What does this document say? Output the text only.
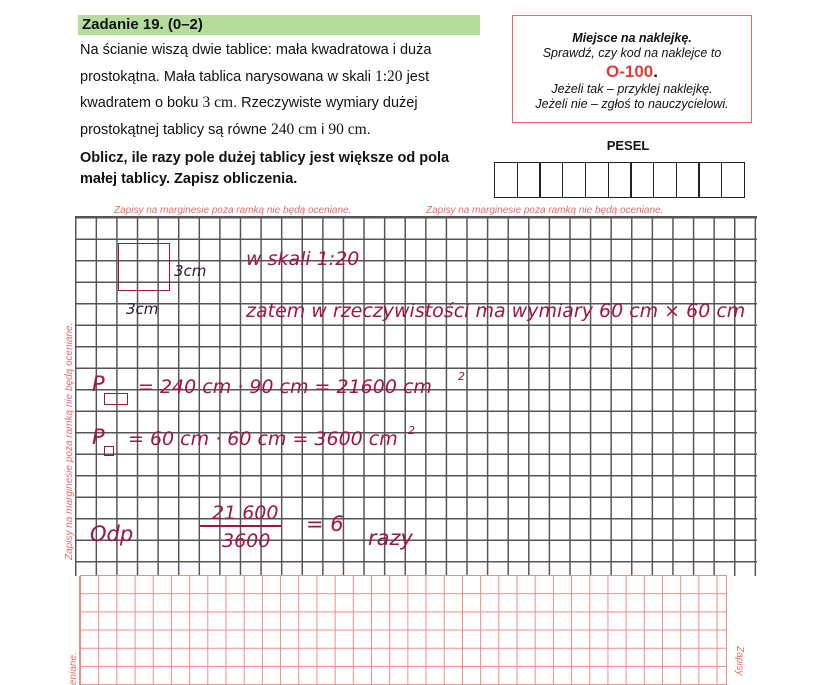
Zadanie 19. (0–2)

Na ścianie wiszą dwie tablice: mała kwadratowa i duża

prostokątna. Mała tablica narysowana w skali 1:20 jest

kwadratem o boku 3 cm. Rzeczywiste wymiary dużej

prostokątnej tablicy są równe 240 cm i 90 cm.

Oblicz, ile razy pole dużej tablicy jest większe od pola

małej tablicy. Zapisz obliczenia.

Miejsce na naklejkę.
Sprawdź, czy kod na naklejce to
O-100.
Jeżeli tak – przyklej naklejkę.
Jeżeli nie – zgłoś to nauczycielowi.
PESEL
Zapisy na marginesie poza ramką nie będą oceniane.	Zapisy na marginesie poza ramką nie będą oceniane.
Zapisy na marginesie poza ramką nie będą oceniane.
eniane.	Zapisy
3cm
3cm
w skali 1:20
zatem w rzeczywistości ma wymiary 60 cm × 60 cm
P = 240 cm · 90 cm = 21600 cm 2
P = 60 cm · 60 cm = 3600 cm 2
Odp
21 600
3600
= 6
razy
